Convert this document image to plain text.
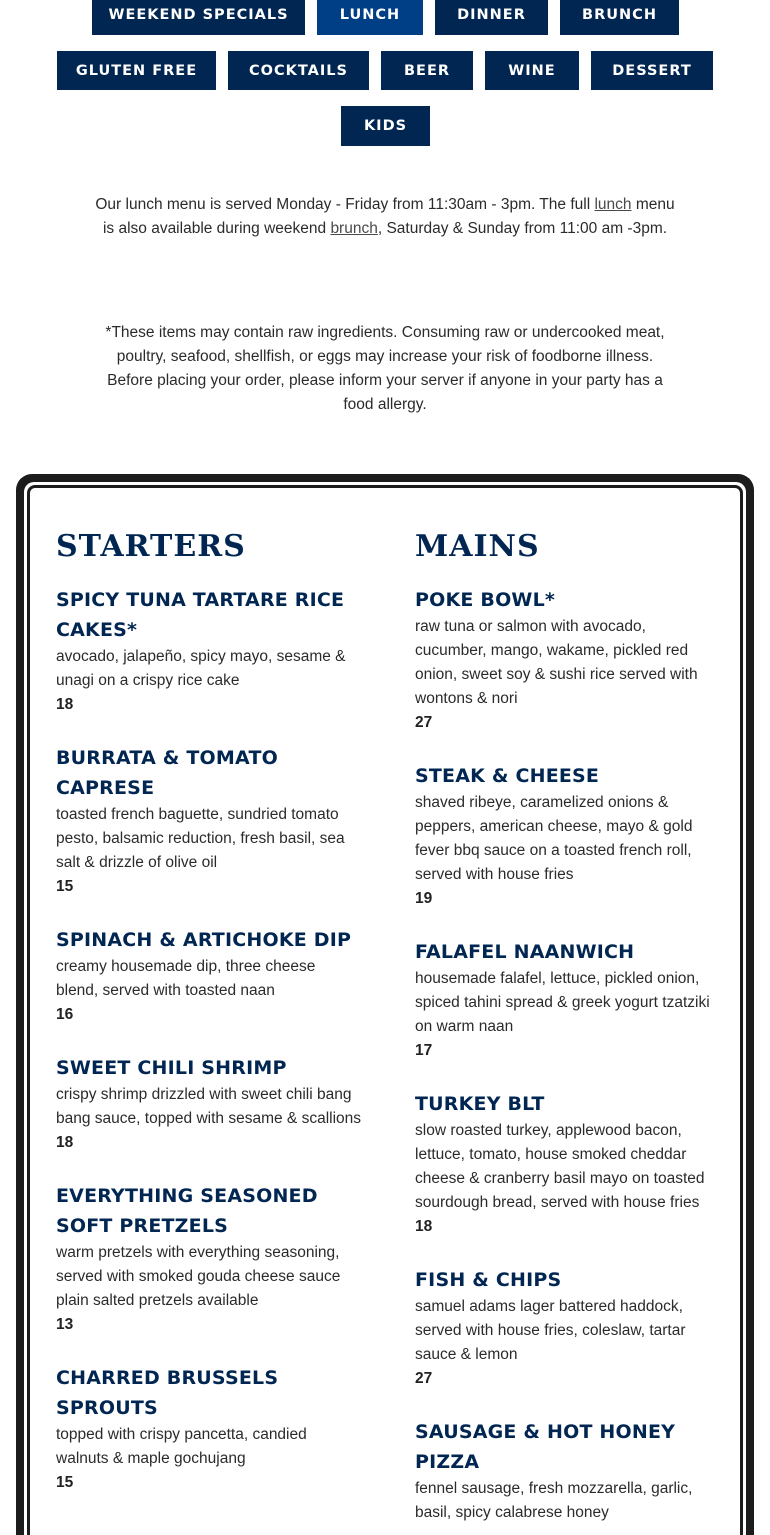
WEEKEND SPECIALS	LUNCH	DINNER	BRUNCH
GLUTEN FREE	COCKTAILS	BEER	WINE	DESSERT
KIDS

Our lunch menu is served Monday - Friday from 11:30am - 3pm. The full lunch menu is also available during weekend brunch, Saturday & Sunday from 11:00 am -3pm.

*These items may contain raw ingredients. Consuming raw or undercooked meat, poultry, seafood, shellfish, or eggs may increase your risk of foodborne illness. Before placing your order, please inform your server if anyone in your party has a food allergy.

STARTERS
SPICY TUNA TARTARE RICE CAKES*
avocado, jalapeño, spicy mayo, sesame & unagi on a crispy rice cake
18
BURRATA & TOMATO CAPRESE
toasted french baguette, sundried tomato pesto, balsamic reduction, fresh basil, sea salt & drizzle of olive oil
15
SPINACH & ARTICHOKE DIP
creamy housemade dip, three cheese blend, served with toasted naan
16
SWEET CHILI SHRIMP
crispy shrimp drizzled with sweet chili bang bang sauce, topped with sesame & scallions
18
EVERYTHING SEASONED SOFT PRETZELS
warm pretzels with everything seasoning, served with smoked gouda cheese sauce
plain salted pretzels available
13
CHARRED BRUSSELS SPROUTS
topped with crispy pancetta, candied walnuts & maple gochujang
15
MAINS
POKE BOWL*
raw tuna or salmon with avocado, cucumber, mango, wakame, pickled red onion, sweet soy & sushi rice served with wontons & nori
27
STEAK & CHEESE
shaved ribeye, caramelized onions & peppers, american cheese, mayo & gold fever bbq sauce on a toasted french roll, served with house fries
19
FALAFEL NAANWICH
housemade falafel, lettuce, pickled onion, spiced tahini spread & greek yogurt tzatziki on warm naan
17
TURKEY BLT
slow roasted turkey, applewood bacon, lettuce, tomato, house smoked cheddar cheese & cranberry basil mayo on toasted sourdough bread, served with house fries
18
FISH & CHIPS
samuel adams lager battered haddock, served with house fries, coleslaw, tartar sauce & lemon
27
SAUSAGE & HOT HONEY PIZZA
fennel sausage, fresh mozzarella, garlic, basil, spicy calabrese honey
